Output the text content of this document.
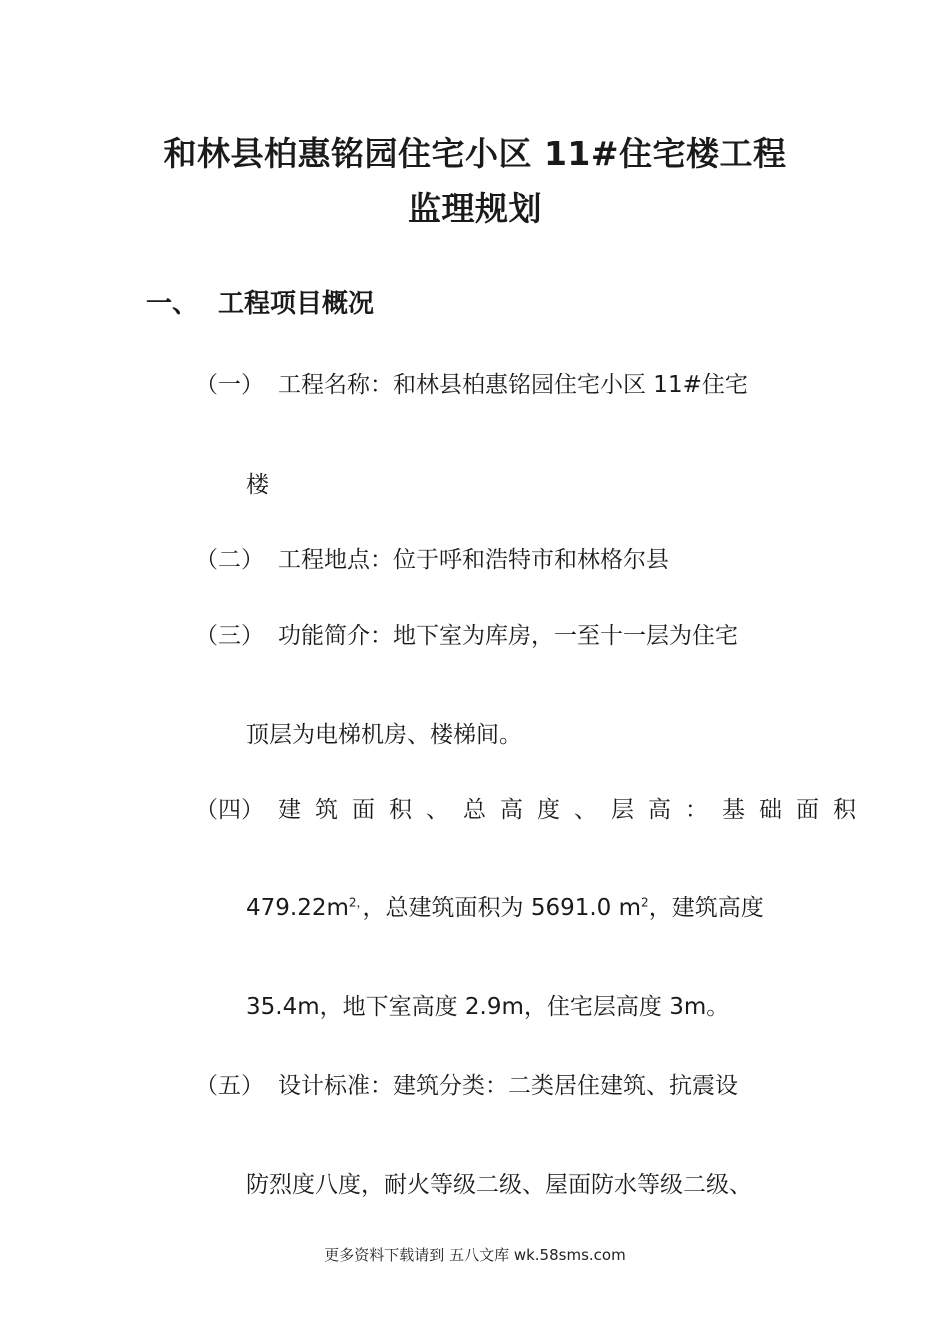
和林县柏惠铭园住宅小区 11#住宅楼工程
监理规划
一、 工程项目概况
（一） 工程名称：和林县柏惠铭园住宅小区 11#住宅
楼
（二） 工程地点：位于呼和浩特市和林格尔县
（三） 功能简介：地下室为库房，一至十一层为住宅
顶层为电梯机房、楼梯间。
（四） 建筑面积、总高度、层高：基础面积
$479.22m^{2,}$，总建筑面积为 5691.0 $m^2$，建筑高度
35.4m，地下室高度 2.9m，住宅层高度 3m。
（五） 设计标准：建筑分类：二类居住建筑、抗震设
防烈度八度，耐火等级二级、屋面防水等级二级、
更多资料下载请到 五八文库 wk.58sms.com
